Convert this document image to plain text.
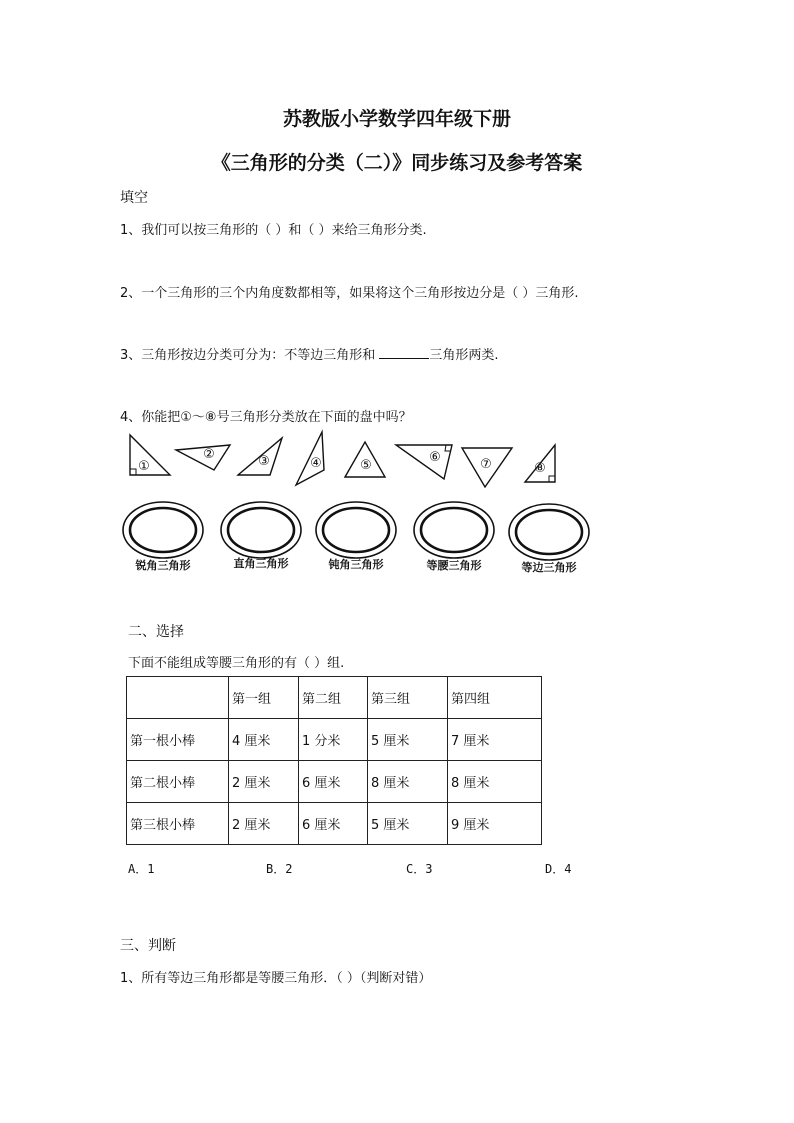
苏教版小学数学四年级下册
《三角形的分类（二）》同步练习及参考答案
填空
1、我们可以按三角形的（ ）和（ ）来给三角形分类.
2、一个三角形的三个内角度数都相等，如果将这个三角形按边分是（ ）三角形.
3、三角形按边分类可分为：不等边三角形和	三角形两类.
4、你能把①～⑧号三角形分类放在下面的盘中吗？
①
②	③	④	⑤
⑥	⑦	⑧
锐角三角形	直角三角形	钝角三角形	等腰三角形	等边三角形
二、选择
下面不能组成等腰三角形的有（ ）组.
	第一组	第二组	第三组	第四组
第一根小棒	4 厘米	1 分米	5 厘米	7 厘米
第二根小棒	2 厘米	6 厘米	8 厘米	8 厘米
第三根小棒	2 厘米	6 厘米	5 厘米	9 厘米
A．1	B．2	C．3	D．4
三、判断
1、所有等边三角形都是等腰三角形．（ ）（判断对错）
